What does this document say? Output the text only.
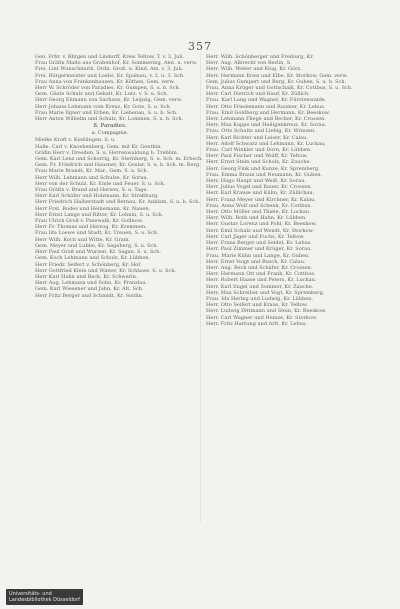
357

Gen. Frhr. v. Rhtgen und Lindorff, Kreis Teltow, T. v. 3. Juli.

Frau Gräfin Malte aus Grabenhof, Kr. Sommering, Amt. u. verw.

Frei. Lint Wunschmuth, Ordn. Groß. u. Kind. Am. v. 3. Juli.

Frei. Bürgermeister und Loebs, Kr. Spalnau, v. 2. u. 3. Sch.

Frau Anna von Frankenhausen, Kr. Köthen, Gem. verw.

Herr W. Schröder von Paradies, Kr. Gumpen, S. u. b. Sch.

Gem. Gäste Schulz und Gehalt, Kr. Lutz. v. S. u. Sch.

Herr Georg Ehmann von Sachsen, Kr. Leipzig, Gem. verw.

Herr Johann Lehmann vom Kreuz, Kr. Gote, S. u. Sch.

Frau Marie Ilgner und Erben, Kr. Liebenau, S. u. b. Sch.

Herr Anton Wilhelm und Schulz, Kr. Lommen, S. u. b. Sch.

8. Paradies.
a. Compagnie.

Mielke Kraft v. Kießlingen. S. u.

Halle. Carl v. Knoebenberg, Gem. mit Kr. Genthin.

Gräfin Herr v. Dresden, S. u. Herrenwaldung b. Trebbin.

Gem. Karl Lenz und Schorrig, Kr. Sternberg, S. u. Sch. m. Erbsch.

Gem. Fr. Friedrich und Hausner, Kr. Goslar, S. u. b. Sch. m. Berg.

Frau Marie Brandt, Kr. Mar., Gem. S. u. Sch.

Herr Wilh. Lehmann und Schulze, Kr. Sorau.

Herr von der Schulz, Kr. Ende und Feuer, S. u. Sch.

Frau Gräfin v. Brand und Hersen, S. u. Tage.

Herr Karl Schäfer und Holzmann, Kr. Straßburg.

Herr Friedrich Halberstadt und Bernau, Kr. Anklam, S. u. b. Sch.

Herr Frst. Rodes und Heinemann, Kr. Nauen.

Herr Ernst Lange und Ritter, Kr. Lehnin, S. u. Sch.

Frau Ulrich Groß v. Pasewalk, Kr. Gollnow.

Herr Fr. Thomas und Herzog, Kr. Kremmen.

Frau Ida Loewe und Stadt, Kr. Treuen, S. u. Sch.

Herr Wilh. Koch und Witte, Kr. Gram.

Gem. Meyer und Lubbe, Kr. Segeberg, S. u. Sch.

Herr Paul Groß und Wurzen, Kr. Sagan, S. u. Sch.

Gem. Koch Lehmann und Schulz, Kr. Lübben.

Herr Friedr. Seifert v. Schönberg, Kr. Hof.

Herr Gottfried Klein und Winter, Kr. Schlawe, S. u. Sch.

Herr Karl Hahn und Beck, Kr. Schwerin.

Herr Aug. Lehmann und Sohn, Kr. Prenzlau.

Gem. Karl Wiesener und Jahn, Kr. Alt. Sch.

Herr Fritz Berger und Schmidt, Kr. Soldin.

Herr. Wilh. Schönberger und Freiburg, Kr.

Herr. Aug. Albrecht von Berlin, S.

Herr. Wilh. Weber und Klug, Kr. Görz.

Herr. Hermann Kreis und Elbe, Kr. Storkow, Gem. verw.

Gem. Julius Gumpert und Berg, Kr. Guben, S. u. b. Sch.

Frau. Anna Krüger und Gottschalk, Kr. Cottbus, S. u. Sch.

Herr. Carl Dietrich und Hauf, Kr. Züllich.

Frau. Karl Lang und Wagner, Kr. Fürstenwalde.

Herr. Otto Friedemann und Raumer, Kr. Lebus.

Frau. Emil Goldberg und Hermann, Kr. Beeskow.

Herr. Lehmann Fliege und Becker, Kr. Crossen.

Herr. Max Kappe und Heiligenkreuz, Kr. Sorau.

Frau. Otto Schultz und Liebig, Kr. Wriezen.

Herr. Karl Richter und Leiser, Kr. Calau.

Herr. Adolf Schwarz und Lehmann, Kr. Luckau.

Frau. Carl Winkler und Dorn, Kr. Lübben.

Herr. Paul Fischer und Wolff, Kr. Teltow.

Herr. Ernst Stein und Scholz, Kr. Zauche.

Herr. Georg Fink und Kunze, Kr. Spremberg.

Frau. Emma Braun und Neumann, Kr. Guben.

Herr. Hugo Haupt und Weiß, Kr. Sorau.

Herr. Julius Vogel und Bauer, Kr. Crossen.

Herr. Karl Krause und Kühn, Kr. Züllichau.

Herr. Franz Meyer und Kirchner, Kr. Kalau.

Frau. Anna Wolf und Schenk, Kr. Cottbus.

Herr. Otto Möller und Thiele, Kr. Luckau.

Herr. Wilh. Roth und Hahn, Kr. Lübben.

Herr. Gustav Lorenz und Pohl, Kr. Beeskow.

Herr. Emil Schulz und Wendt, Kr. Storkow.

Herr. Carl Jäger und Fuchs, Kr. Teltow.

Herr. Franz Berger und Seidel, Kr. Lebus.

Herr. Paul Zimmer und Krüger, Kr. Sorau.

Frau. Marie Kühn und Lange, Kr. Guben.

Herr. Ernst Voigt und Busch, Kr. Calau.

Herr. Aug. Beck und Schäfer, Kr. Crossen.

Herr. Hermann Ott und Frank, Kr. Cottbus.

Herr. Robert Haase und Peters, Kr. Luckau.

Herr. Karl Engel und Sommer, Kr. Zauche.

Herr. Max Schreiber und Vogt, Kr. Spremberg.

Frau. Ida Hering und Ludwig, Kr. Lübben.

Herr. Otto Seifert und Kraus, Kr. Teltow.

Herr. Ludwig Dittmann und Stein, Kr. Beeskow.

Herr. Carl Wagner und Heinze, Kr. Storkow.

Herr. Fritz Hartung und Arlt, Kr. Lebus.

Universitäts- und
Landesbibliothek Düsseldorf
